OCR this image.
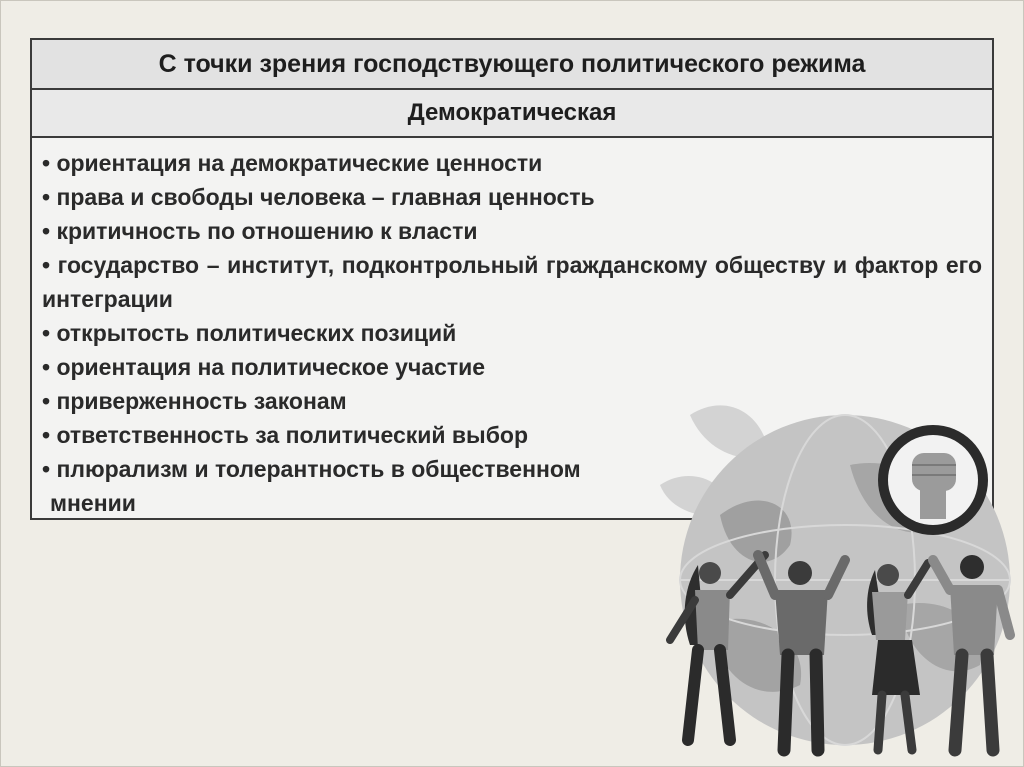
С точки зрения господствующего политического режима
Демократическая
• ориентация на демократические ценности
• права и свободы человека – главная ценность
• критичность по отношению к власти
• государство – институт, подконтрольный гражданскому обществу и фактор его интеграции
• открытость политических позиций
• ориентация на политическое участие
• приверженность законам
• ответственность за политический выбор
• плюрализм и толерантность в общественном
мнении
